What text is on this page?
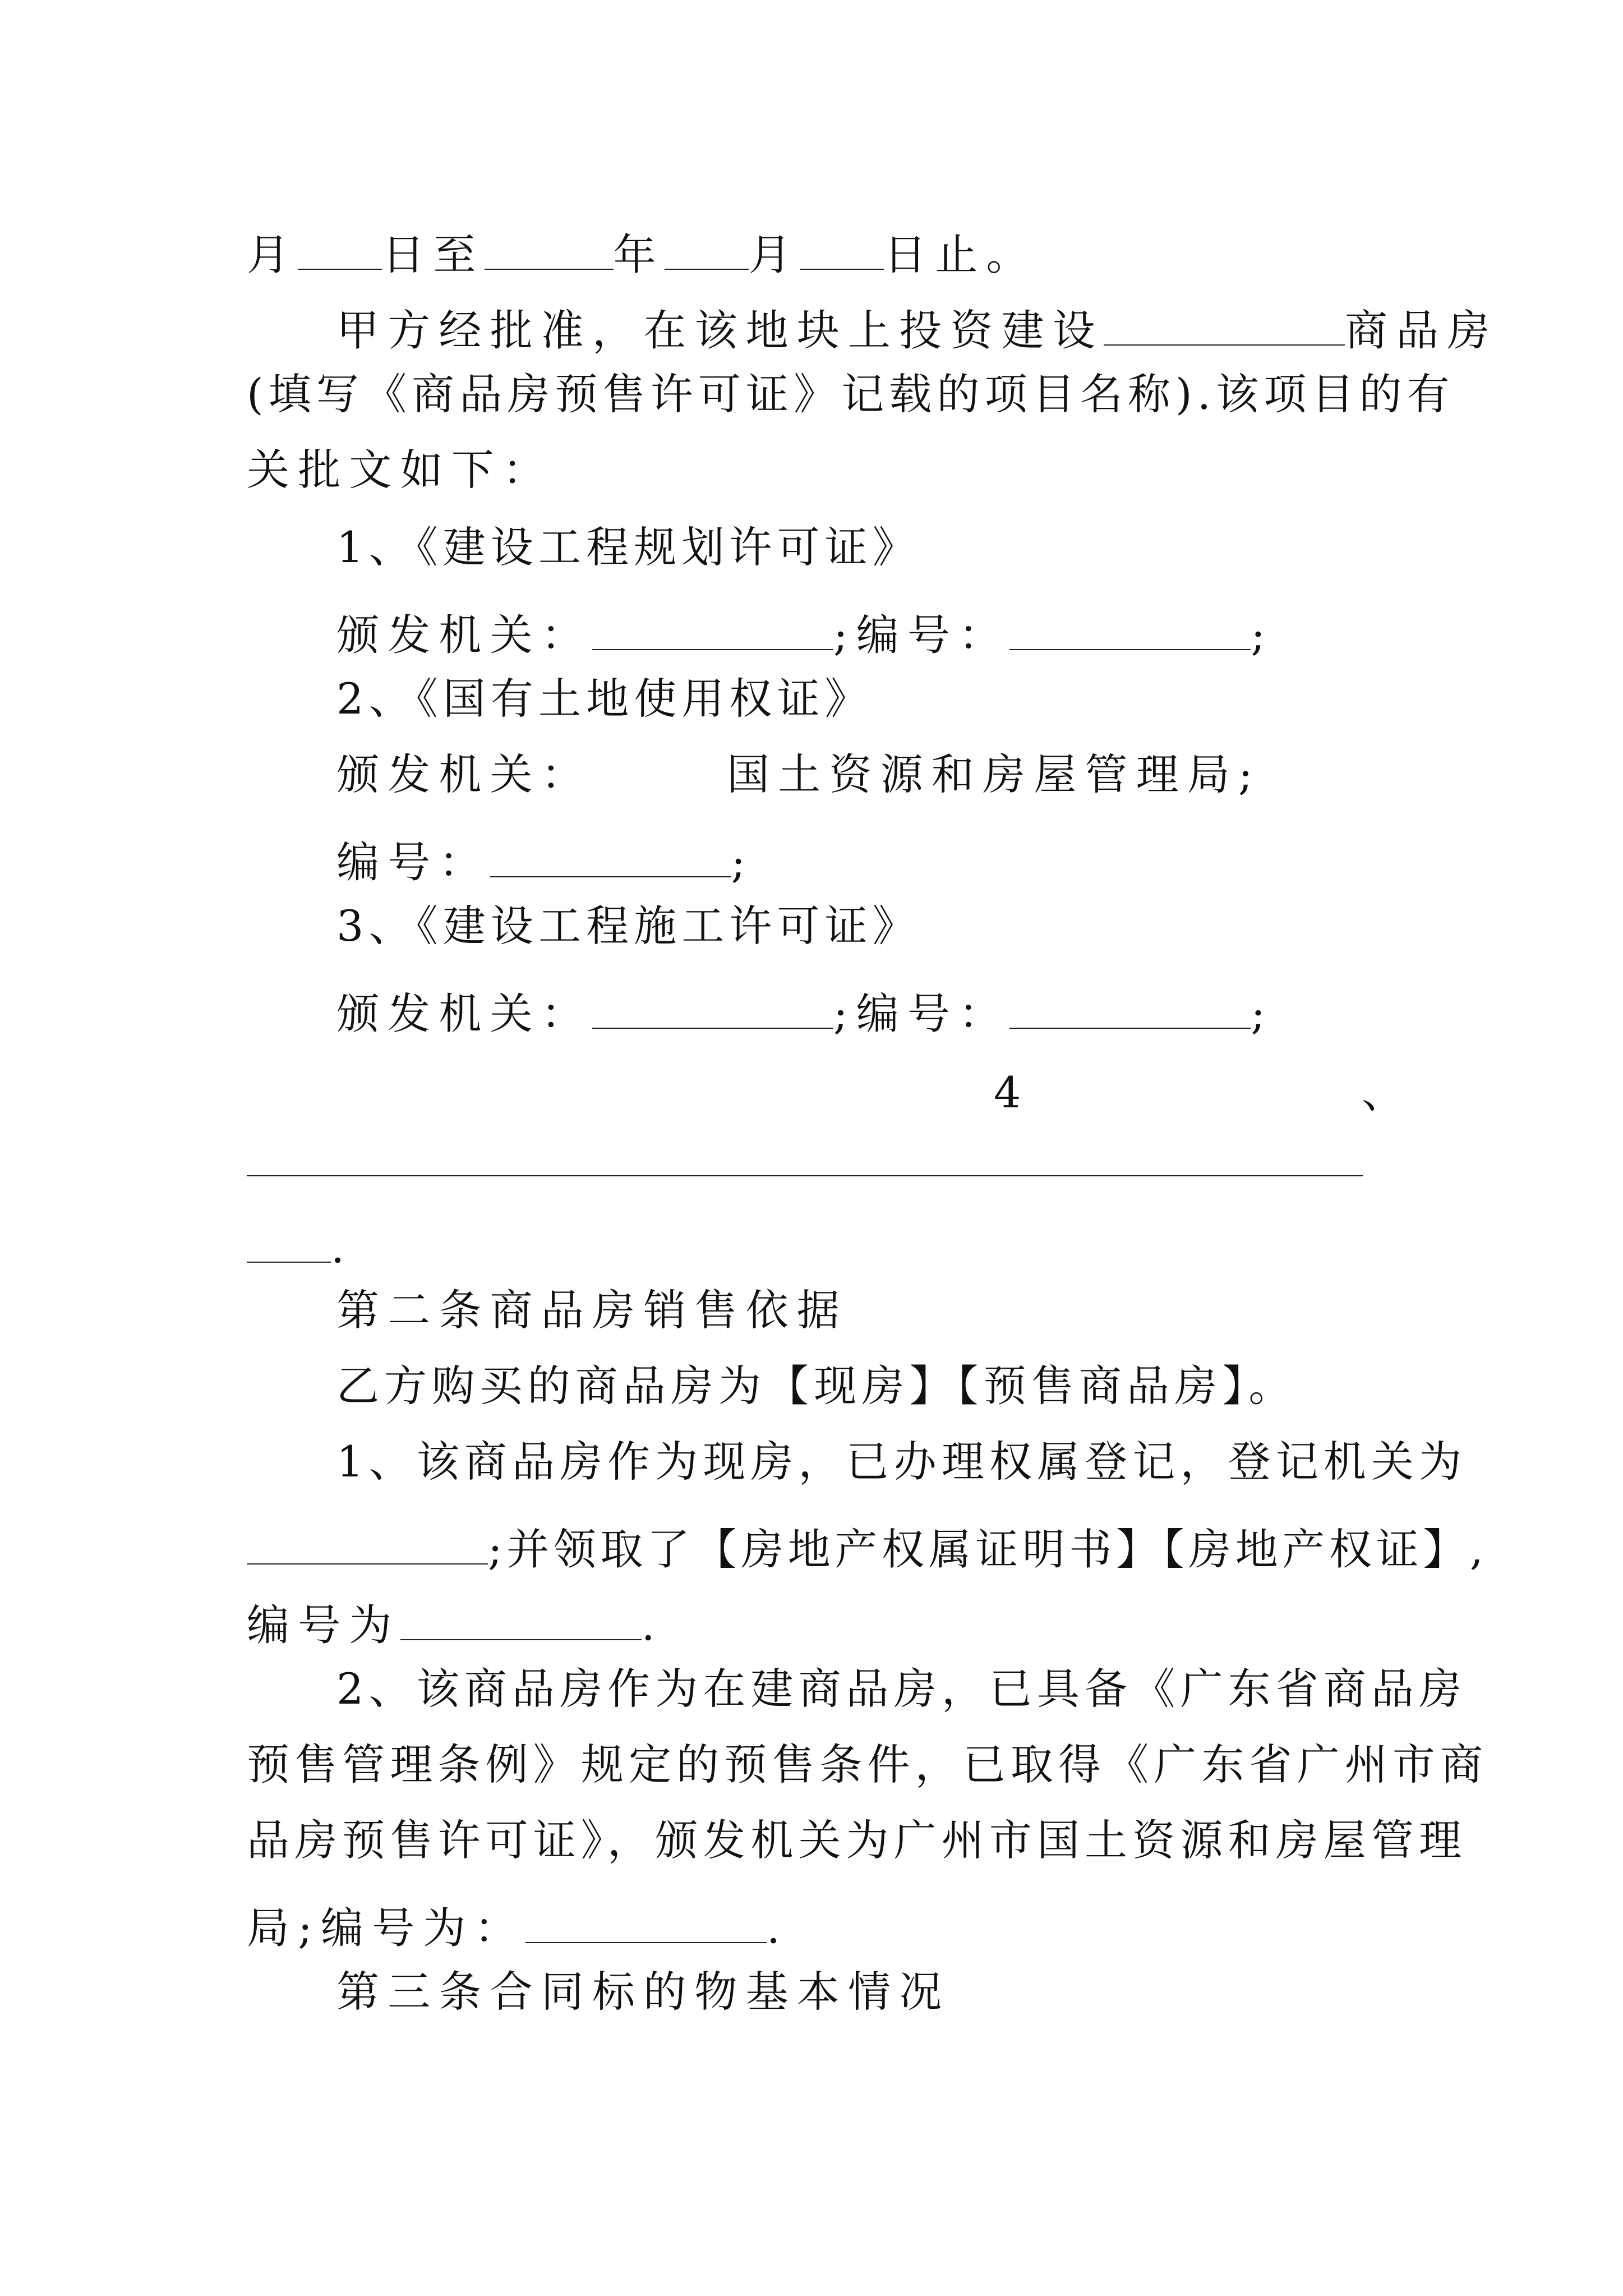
月 日至	年 月 日止。
甲方经批准，在该地块上投资建设	商品房
(填写《商品房预售许可证》记载的项目名称).该项目的有
关批文如下：
1、《建设工程规划许可证》
颁发机关：	;编号：	;
2、《国有土地使用权证》
颁发机关：	国土资源和房屋管理局;
编号：	;
3、《建设工程施工许可证》
颁发机关：	;编号：	;
4	、
.
第二条商品房销售依据
乙方购买的商品房为【现房】【预售商品房】。
1、该商品房作为现房，已办理权属登记，登记机关为
;并领取了【房地产权属证明书】【房地产权证】,
编号为	.
2、该商品房作为在建商品房，已具备《广东省商品房
预售管理条例》规定的预售条件，已取得《广东省广州市商
品房预售许可证》，颁发机关为广州市国土资源和房屋管理
局;编号为：	.
第三条合同标的物基本情况
